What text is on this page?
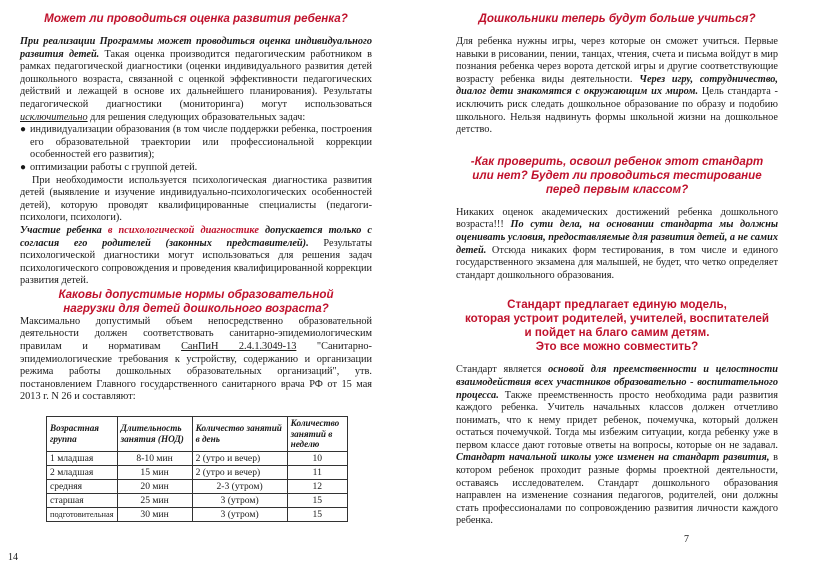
Может ли проводиться оценка развития ребенка?

При реализации Программы может проводиться оценка индивидуального развития детей. Такая оценка производится педагогическим работником в рамках педагогической диагностики (оценки индивидуального развития детей дошкольного возраста, связанной с оценкой эффективности педагогических действий и лежащей в основе их дальнейшего планирования). Результаты педагогической диагностики (мониторинга) могут использоваться исключительно для решения следующих образовательных задач:

● индивидуализации образования (в том числе поддержки ребенка, построения его образовательной траектории или профессиональной коррекции особенностей его развития);
● оптимизации работы с группой детей.

При необходимости используется психологическая диагностика развития детей (выявление и изучение индивидуально-психологических особенностей детей), которую проводят квалифицированные специалисты (педагоги-психологи, психологи).

Участие ребенка в психологической диагностике допускается только с согласия его родителей (законных представителей). Результаты психологической диагностики могут использоваться для решения задач психологического сопровождения и проведения квалифицированной коррекции развития детей.

Каковы допустимые нормы образовательной
нагрузки для детей дошкольного возраста?

Максимально допустимый объем непосредственно образовательной деятельности должен соответствовать санитарно-эпидемиологическим правилам и нормативам СанПиН 2.4.1.3049-13 "Санитарно-эпидемиологические требования к устройству, содержанию и организации режима работы дошкольных образовательных организаций", утв. постановлением Главного государственного санитарного врача РФ от 15 мая 2013 г. N 26 и составляют:

Возрастная группа	Длительность занятия (НОД)	Количество занятий в день	Количество занятий в неделю
1 младшая	8-10 мин	2 (утро и вечер)	10
2 младшая	15 мин	2 (утро и вечер)	11
средняя	20 мин	2-3 (утром)	12
старшая	25 мин	3 (утром)	15
подготовительная	30 мин	3 (утром)	15
14
Дошкольники теперь будут больше учиться?

Для ребенка нужны игры, через которые он сможет учиться. Первые навыки в рисовании, пении, танцах, чтения, счета и письма войдут в мир познания ребенка через ворота детской игры и другие соответствующие возрасту ребенка виды деятельности. Через игру, сотрудничество, диалог дети знакомятся с окружающим их миром. Цель стандарта - исключить риск следать дошкольное образование по образу и подобию школьного. Нельзя надвинуть формы школьной жизни на дошкольное детство.

-Как проверить, освоил ребенок этот стандарт
или нет? Будет ли проводиться тестирование
перед первым классом?

Никаких оценок академических достижений ребенка дошкольного возраста!!! По сути дела, на основании стандарта мы должны оценивать условия, предоставляемые для развития детей, а не самих детей. Отсюда никаких форм тестирования, в том числе и единого государственного экзамена для малышей, не будет, что четко определяет стандарт дошкольного образования.

Стандарт предлагает единую модель,
которая устроит родителей, учителей, воспитателей
и пойдет на благо самим детям.
Это все можно совместить?

Стандарт является основой для преемственности и целостности взаимодействия всех участников образовательно - воспитательного процесса. Также преемственность просто необходима ради развития каждого ребенка. Учитель начальных классов должен отчетливо понимать, что к нему придет ребенок, почемучка, который должен остаться почемучкой. Тогда мы избежим ситуации, когда ребенку уже в первом классе дают готовые ответы на вопросы, которые он не задавал. Стандарт начальной школы уже изменен на стандарт развития, в котором ребенок проходит разные формы проектной деятельности, оставаясь исследователем. Стандарт дошкольного образования направлен на изменение сознания педагогов, родителей, они должны стать профессионалами по сопровождению развития личности каждого ребенка.

7
